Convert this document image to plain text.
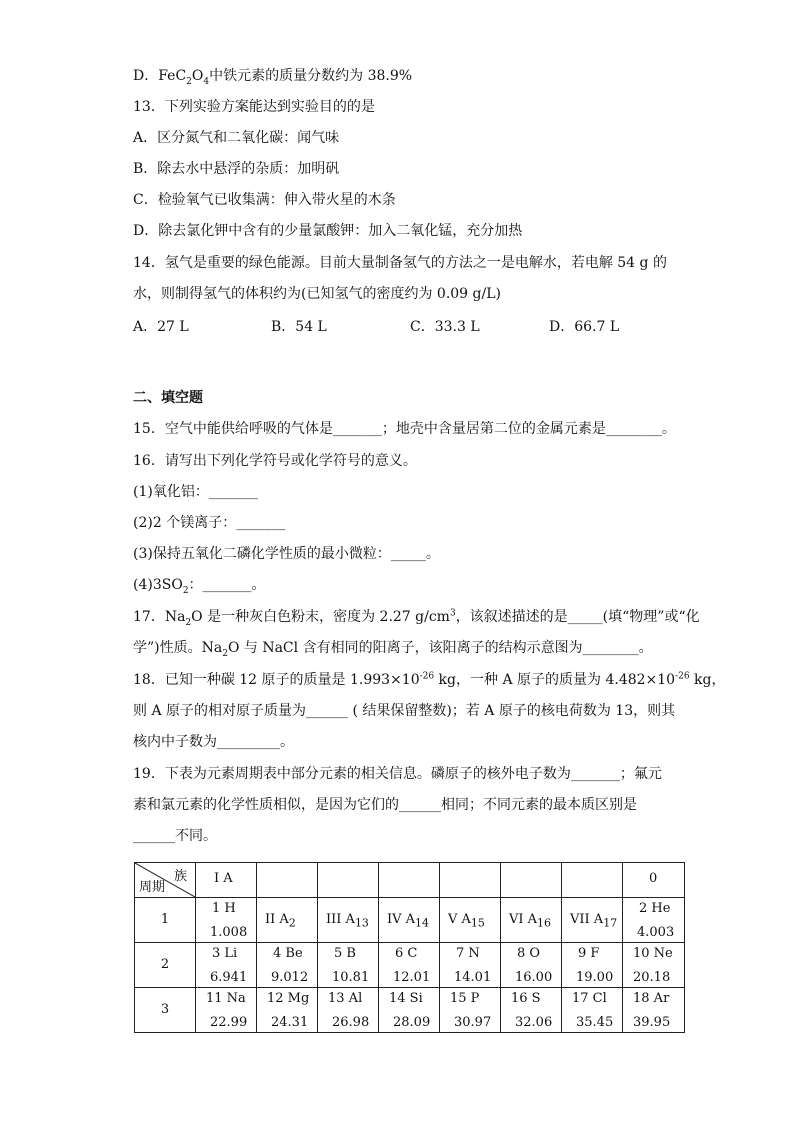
D．$FeC_2O_4$中铁元素的质量分数约为 38.9%
13．下列实验方案能达到实验目的的是
A．区分氮气和二氧化碳：闻气味
B．除去水中悬浮的杂质：加明矾
C．检验氧气已收集满：伸入带火星的木条
D．除去氯化钾中含有的少量氯酸钾：加入二氧化锰，充分加热
14．氢气是重要的绿色能源。目前大量制备氢气的方法之一是电解水，若电解 54 g 的
水，则制得氢气的体积约为(已知氢气的密度约为 0.09 g/L)
A．27 L	B．54 L	C．33.3 L	D．66.7 L
二、填空题
15．空气中能供给呼吸的气体是_______；地壳中含量居第二位的金属元素是________。
16．请写出下列化学符号或化学符号的意义。
(1)氧化铝：_______
(2)2 个镁离子：_______
(3)保持五氧化二磷化学性质的最小微粒：_____。
$(4)3SO_2$：_______。
17．$Na_2O$ 是一种灰白色粉末，密度为 2.27 $g/cm^3$，该叙述描述的是_____(填“物理”或“化
学”)性质。$Na_2O$ 与 NaCl 含有相同的阳离子，该阳离子的结构示意图为________。
18．已知一种碳 12 原子的质量是 $1.993\times 10^{-26}$ kg，一种 A 原子的质量为 $4.482\times 10^{-26}$ kg，
则 A 原子的相对原子质量为______ ( 结果保留整数)；若 A 原子的核电荷数为 13，则其
核内中子数为_________。
19．下表为元素周期表中部分元素的相关信息。磷原子的核外电子数为_______；氟元
素和氯元素的化学性质相似，是因为它们的______相同；不同元素的最本质区别是
______不同。
族
周期	I A							0

1	1 H
1.008	II $A_2$	III $A_{13}$	IV $A_{14}$	V $A_{15}$	VI $A_{16}$	VII $A_{17}$	2 He
4.003

2	3 Li
6.941	4 Be
9.012	5 B
10.81	6 C
12.01	7 N
14.01	8 O
16.00	9 F
19.00	10 Ne
20.18

3	11 Na
22.99	12 Mg
24.31	13 Al
26.98	14 Si
28.09	15 P
30.97	16 S
32.06	17 Cl
35.45	18 Ar
39.95
